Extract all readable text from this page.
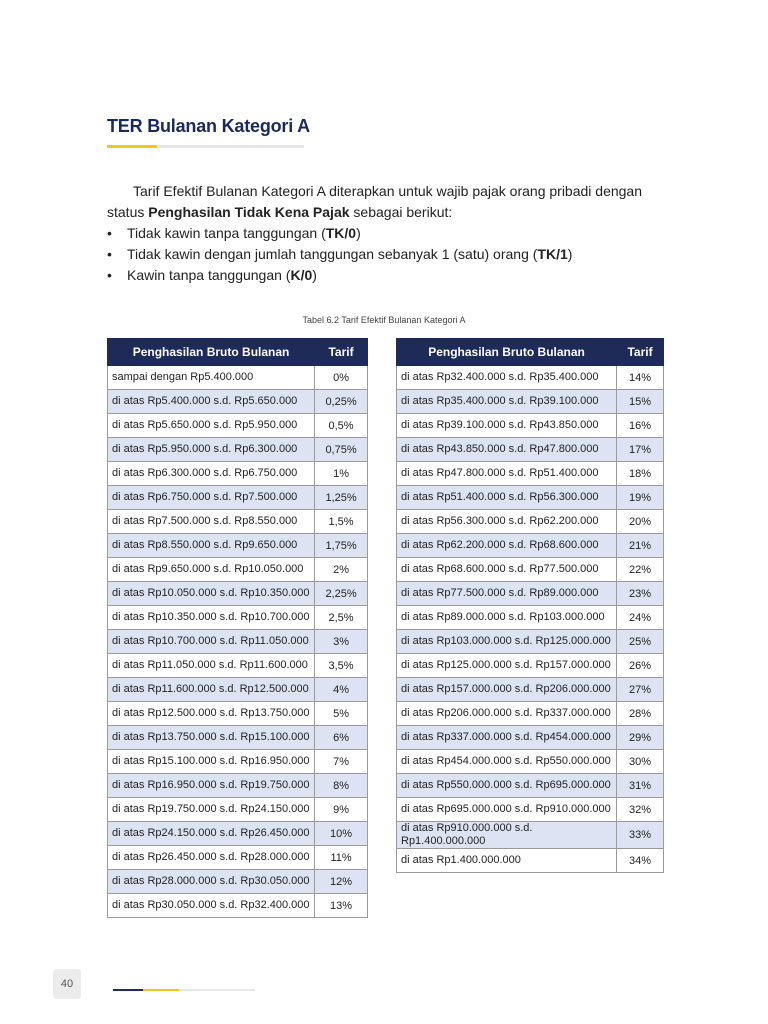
TER Bulanan Kategori A
Tarif Efektif Bulanan Kategori A diterapkan untuk wajib pajak orang pribadi dengan status Penghasilan Tidak Kena Pajak sebagai berikut:
• Tidak kawin tanpa tanggungan (TK/0)
• Tidak kawin dengan jumlah tanggungan sebanyak 1 (satu) orang (TK/1)
• Kawin tanpa tanggungan (K/0)
Tabel 6.2 Tarif Efektif Bulanan Kategori A
Penghasilan Bruto Bulanan	Tarif
sampai dengan Rp5.400.000	0%
di atas Rp5.400.000 s.d. Rp5.650.000	0,25%
di atas Rp5.650.000 s.d. Rp5.950.000	0,5%
di atas Rp5.950.000 s.d. Rp6.300.000	0,75%
di atas Rp6.300.000 s.d. Rp6.750.000	1%
di atas Rp6.750.000 s.d. Rp7.500.000	1,25%
di atas Rp7.500.000 s.d. Rp8.550.000	1,5%
di atas Rp8.550.000 s.d. Rp9.650.000	1,75%
di atas Rp9.650.000 s.d. Rp10.050.000	2%
di atas Rp10.050.000 s.d. Rp10.350.000	2,25%
di atas Rp10.350.000 s.d. Rp10.700.000	2,5%
di atas Rp10.700.000 s.d. Rp11.050.000	3%
di atas Rp11.050.000 s.d. Rp11.600.000	3,5%
di atas Rp11.600.000 s.d. Rp12.500.000	4%
di atas Rp12.500.000 s.d. Rp13.750.000	5%
di atas Rp13.750.000 s.d. Rp15.100.000	6%
di atas Rp15.100.000 s.d. Rp16.950.000	7%
di atas Rp16.950.000 s.d. Rp19.750.000	8%
di atas Rp19.750.000 s.d. Rp24.150.000	9%
di atas Rp24.150.000 s.d. Rp26.450.000	10%
di atas Rp26.450.000 s.d. Rp28.000.000	11%
di atas Rp28.000.000 s.d. Rp30.050.000	12%
di atas Rp30.050.000 s.d. Rp32.400.000	13%
Penghasilan Bruto Bulanan	Tarif
di atas Rp32.400.000 s.d. Rp35.400.000	14%
di atas Rp35.400.000 s.d. Rp39.100.000	15%
di atas Rp39.100.000 s.d. Rp43.850.000	16%
di atas Rp43.850.000 s.d. Rp47.800.000	17%
di atas Rp47.800.000 s.d. Rp51.400.000	18%
di atas Rp51.400.000 s.d. Rp56.300.000	19%
di atas Rp56.300.000 s.d. Rp62.200.000	20%
di atas Rp62.200.000 s.d. Rp68.600.000	21%
di atas Rp68.600.000 s.d. Rp77.500.000	22%
di atas Rp77.500.000 s.d. Rp89.000.000	23%
di atas Rp89.000.000 s.d. Rp103.000.000	24%
di atas Rp103.000.000 s.d. Rp125.000.000	25%
di atas Rp125.000.000 s.d. Rp157.000.000	26%
di atas Rp157.000.000 s.d. Rp206.000.000	27%
di atas Rp206.000.000 s.d. Rp337.000.000	28%
di atas Rp337.000.000 s.d. Rp454.000.000	29%
di atas Rp454.000.000 s.d. Rp550.000.000	30%
di atas Rp550.000.000 s.d. Rp695.000.000	31%
di atas Rp695.000.000 s.d. Rp910.000.000	32%
di atas Rp910.000.000 s.d. Rp1.400.000.000	33%
di atas Rp1.400.000.000	34%
40
